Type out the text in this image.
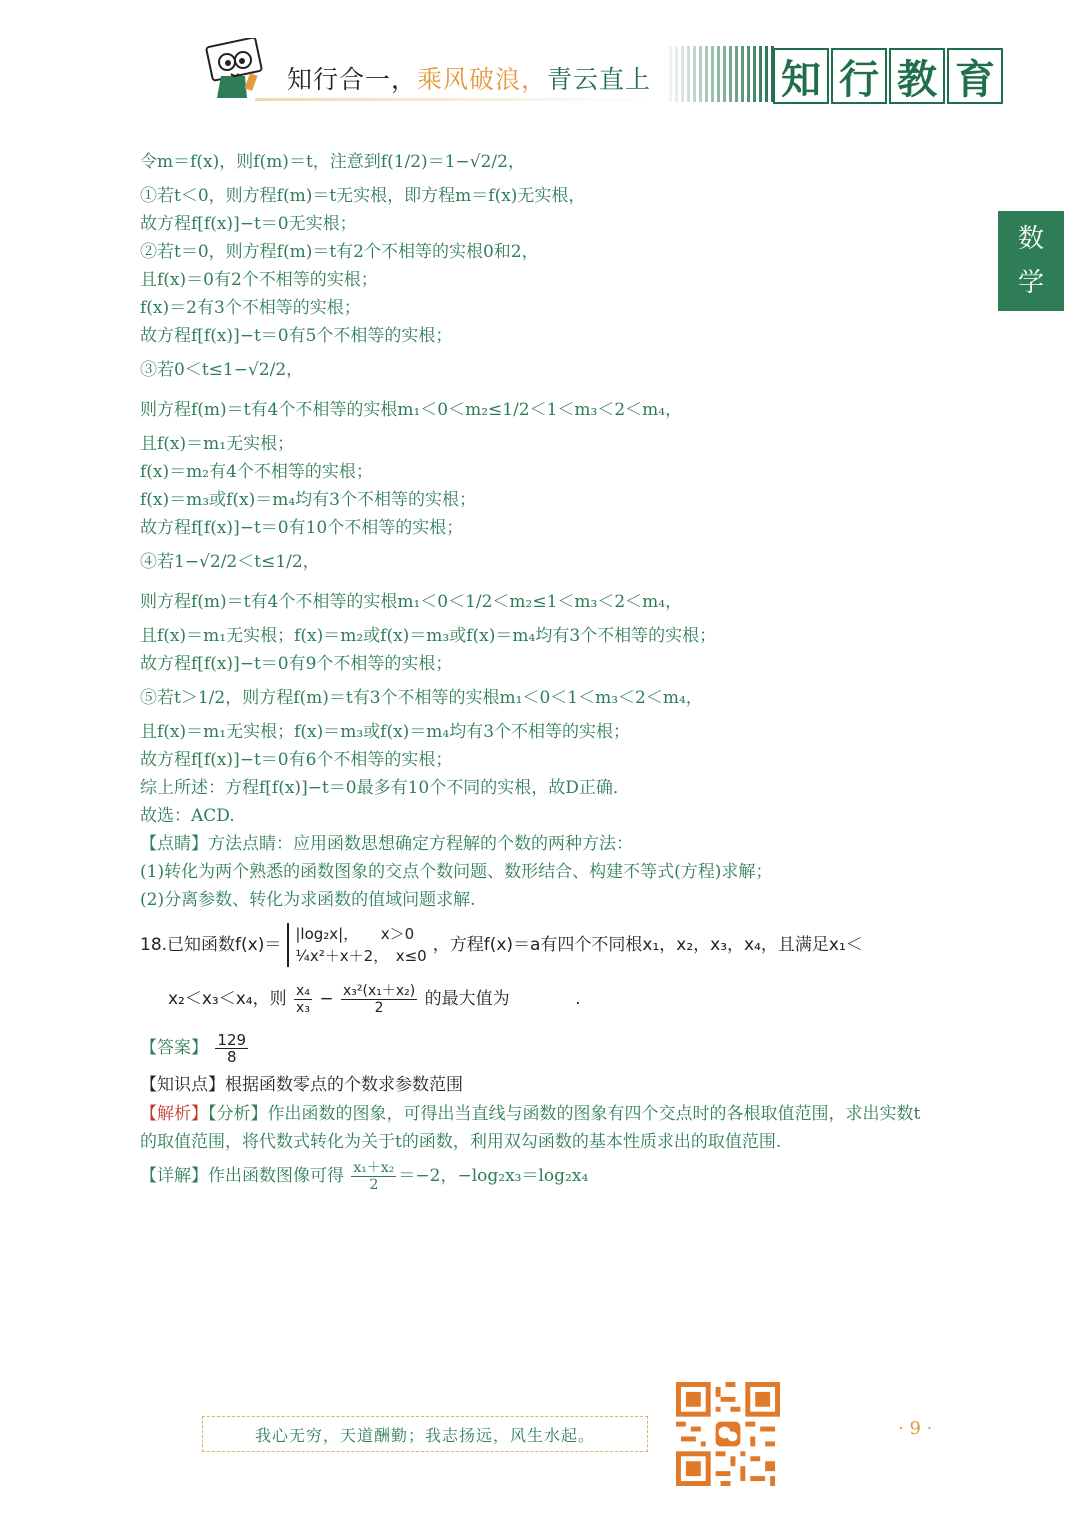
知行合一，乘风破浪，青云直上	知 行 教 育
数
学
令m＝f(x)，则f(m)＝t，注意到f(1/2)＝1−√2/2，
①若t＜0，则方程f(m)＝t无实根，即方程m＝f(x)无实根，
故方程f[f(x)]−t＝0无实根；
②若t＝0，则方程f(m)＝t有2个不相等的实根0和2，
且f(x)＝0有2个不相等的实根；
f(x)＝2有3个不相等的实根；
故方程f[f(x)]−t＝0有5个不相等的实根；
③若0＜t≤1−√2/2，
则方程f(m)＝t有4个不相等的实根m₁＜0＜m₂≤1/2＜1＜m₃＜2＜m₄，
且f(x)＝m₁无实根；
f(x)＝m₂有4个不相等的实根；
f(x)＝m₃或f(x)＝m₄均有3个不相等的实根；
故方程f[f(x)]−t＝0有10个不相等的实根；
④若1−√2/2＜t≤1/2，
则方程f(m)＝t有4个不相等的实根m₁＜0＜1/2＜m₂≤1＜m₃＜2＜m₄，
且f(x)＝m₁无实根；f(x)＝m₂或f(x)＝m₃或f(x)＝m₄均有3个不相等的实根；
故方程f[f(x)]−t＝0有9个不相等的实根；
⑤若t＞1/2，则方程f(m)＝t有3个不相等的实根m₁＜0＜1＜m₃＜2＜m₄，
且f(x)＝m₁无实根；f(x)＝m₃或f(x)＝m₄均有3个不相等的实根；
故方程f[f(x)]−t＝0有6个不相等的实根；
综上所述：方程f[f(x)]−t＝0最多有10个不同的实根，故D正确．
故选：ACD.
【点睛】方法点睛：应用函数思想确定方程解的个数的两种方法：
(1)转化为两个熟悉的函数图象的交点个数问题、数形结合、构建不等式(方程)求解；
(2)分离参数、转化为求函数的值域问题求解.
18.已知函数f(x)＝|log₂x|，　　x＞0
¼x²＋x＋2，　x≤0，方程f(x)＝a有四个不同根x₁，x₂，x₃，x₄，且满足x₁＜
x₂＜x₃＜x₄，则 $\frac{\text{x₄}}{\text{x₃}} - \frac{\text{x₃²(x₁＋x₂)}}{2}$ 的最大值为	.
【答案】 $\frac{129}{8}$
【知识点】根据函数零点的个数求参数范围
【解析】【分析】作出函数的图象，可得出当直线与函数的图象有四个交点时的各根取值范围，求出实数t
的取值范围，将代数式转化为关于t的函数，利用双勾函数的基本性质求出的取值范围.
【详解】作出函数图像可得 $\frac{\text{x₁＋x₂}}{2} =-2$，−log₂x₃＝log₂x₄
我心无穷，天道酬勤；我志扬远，风生水起。	· 9 ·
